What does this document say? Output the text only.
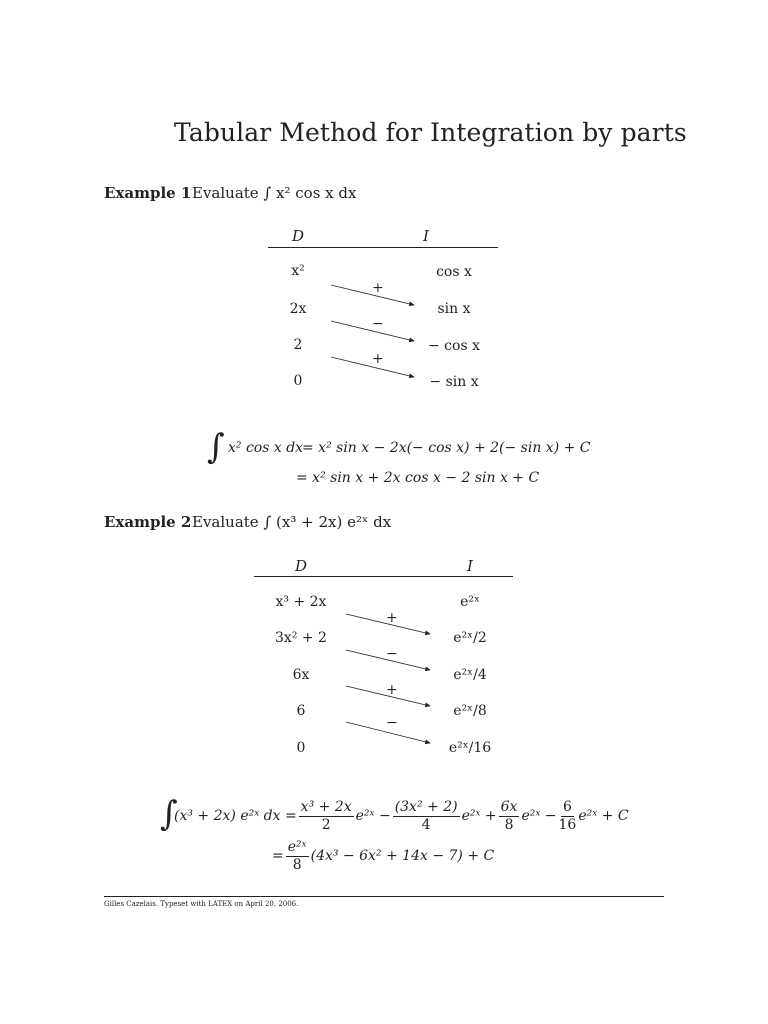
Tabular Method for Integration by parts
Example 1 Evaluate ∫ x² cos x dx
D	I
x²
2x
2
0
cos x
sin x
− cos x
− sin x
+
−
+
∫ x² cos x dx
= x² sin x − 2x(− cos x) + 2(− sin x) + C
= x² sin x + 2x cos x − 2 sin x + C
Example 2 Evaluate ∫ (x³ + 2x) e²ˣ dx
D	I
x³ + 2x
3x² + 2
6x
6
0
e²ˣ
e²ˣ/2
e²ˣ/4
e²ˣ/8
e²ˣ/16
+
−
+
−
∫
(x³ + 2x) e²ˣ dx = $\frac{\text{x³ + 2x}}{2}$ e²ˣ − $\frac{\text{(3x² + 2)}}{4}$ e²ˣ + $\frac{6x}{8}$ e²ˣ − $\frac{6}{16}$ e²ˣ + C
= $\frac{\text{e²ˣ}}{8} (4x^3 - 6x^2 + 14x - 7) + C$
Gilles Cazelais. Typeset with LATEX on April 20, 2006.
